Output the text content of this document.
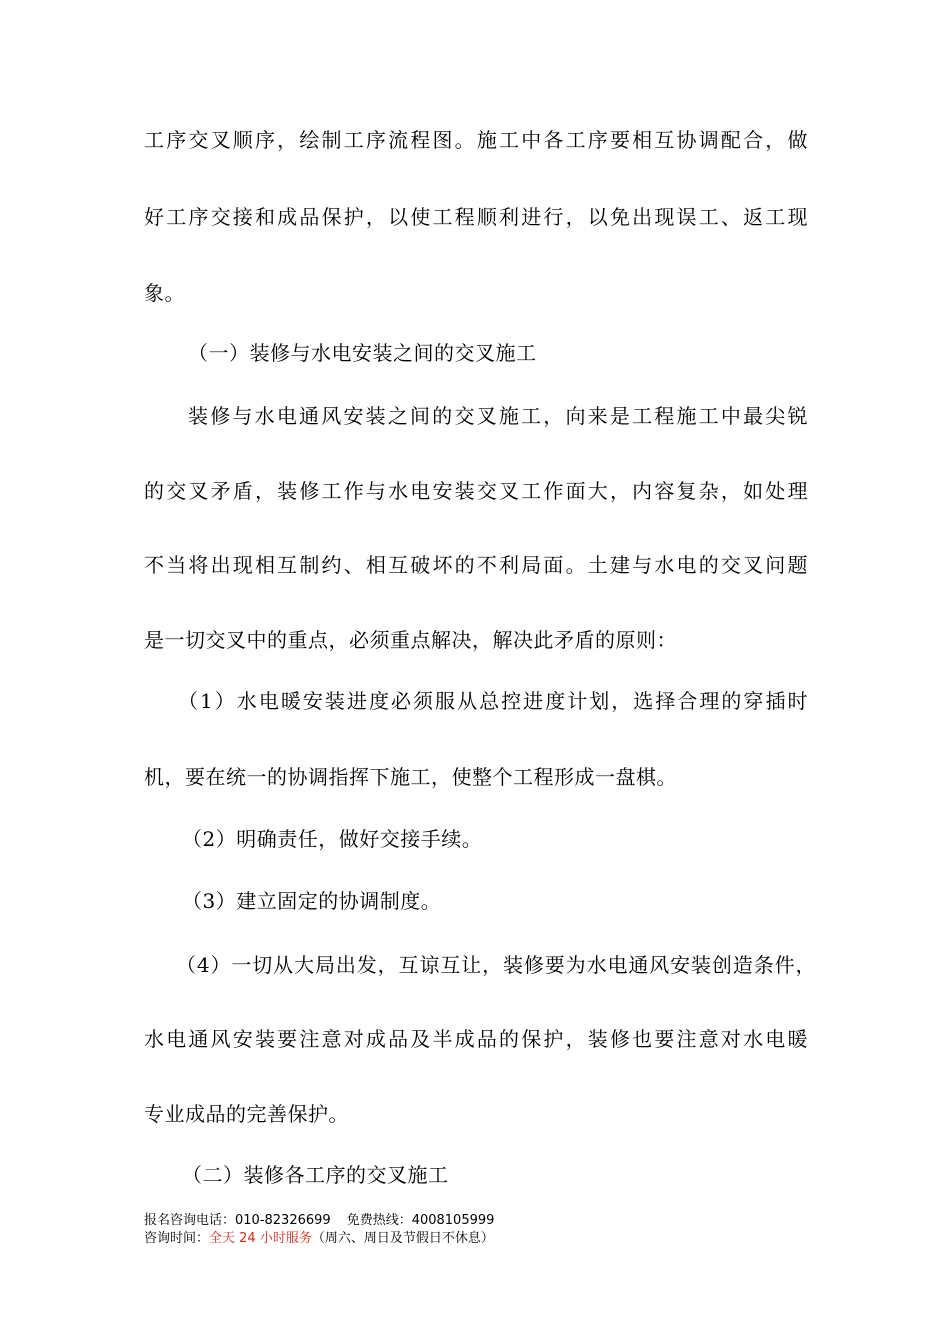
工序交叉顺序，绘制工序流程图。施工中各工序要相互协调配合，做
好工序交接和成品保护，以使工程顺利进行，以免出现误工、返工现
象。
（一）装修与水电安装之间的交叉施工
装修与水电通风安装之间的交叉施工，向来是工程施工中最尖锐
的交叉矛盾，装修工作与水电安装交叉工作面大，内容复杂，如处理
不当将出现相互制约、相互破坏的不利局面。土建与水电的交叉问题
是一切交叉中的重点，必须重点解决，解决此矛盾的原则：
（1）水电暖安装进度必须服从总控进度计划，选择合理的穿插时
机，要在统一的协调指挥下施工，使整个工程形成一盘棋。
（2）明确责任，做好交接手续。
（3）建立固定的协调制度。
（4）一切从大局出发，互谅互让，装修要为水电通风安装创造条件，
水电通风安装要注意对成品及半成品的保护，装修也要注意对水电暖
专业成品的完善保护。
（二）装修各工序的交叉施工
报名咨询电话：010-82326699 免费热线：4008105999
咨询时间：全天 24 小时服务（周六、周日及节假日不休息）
